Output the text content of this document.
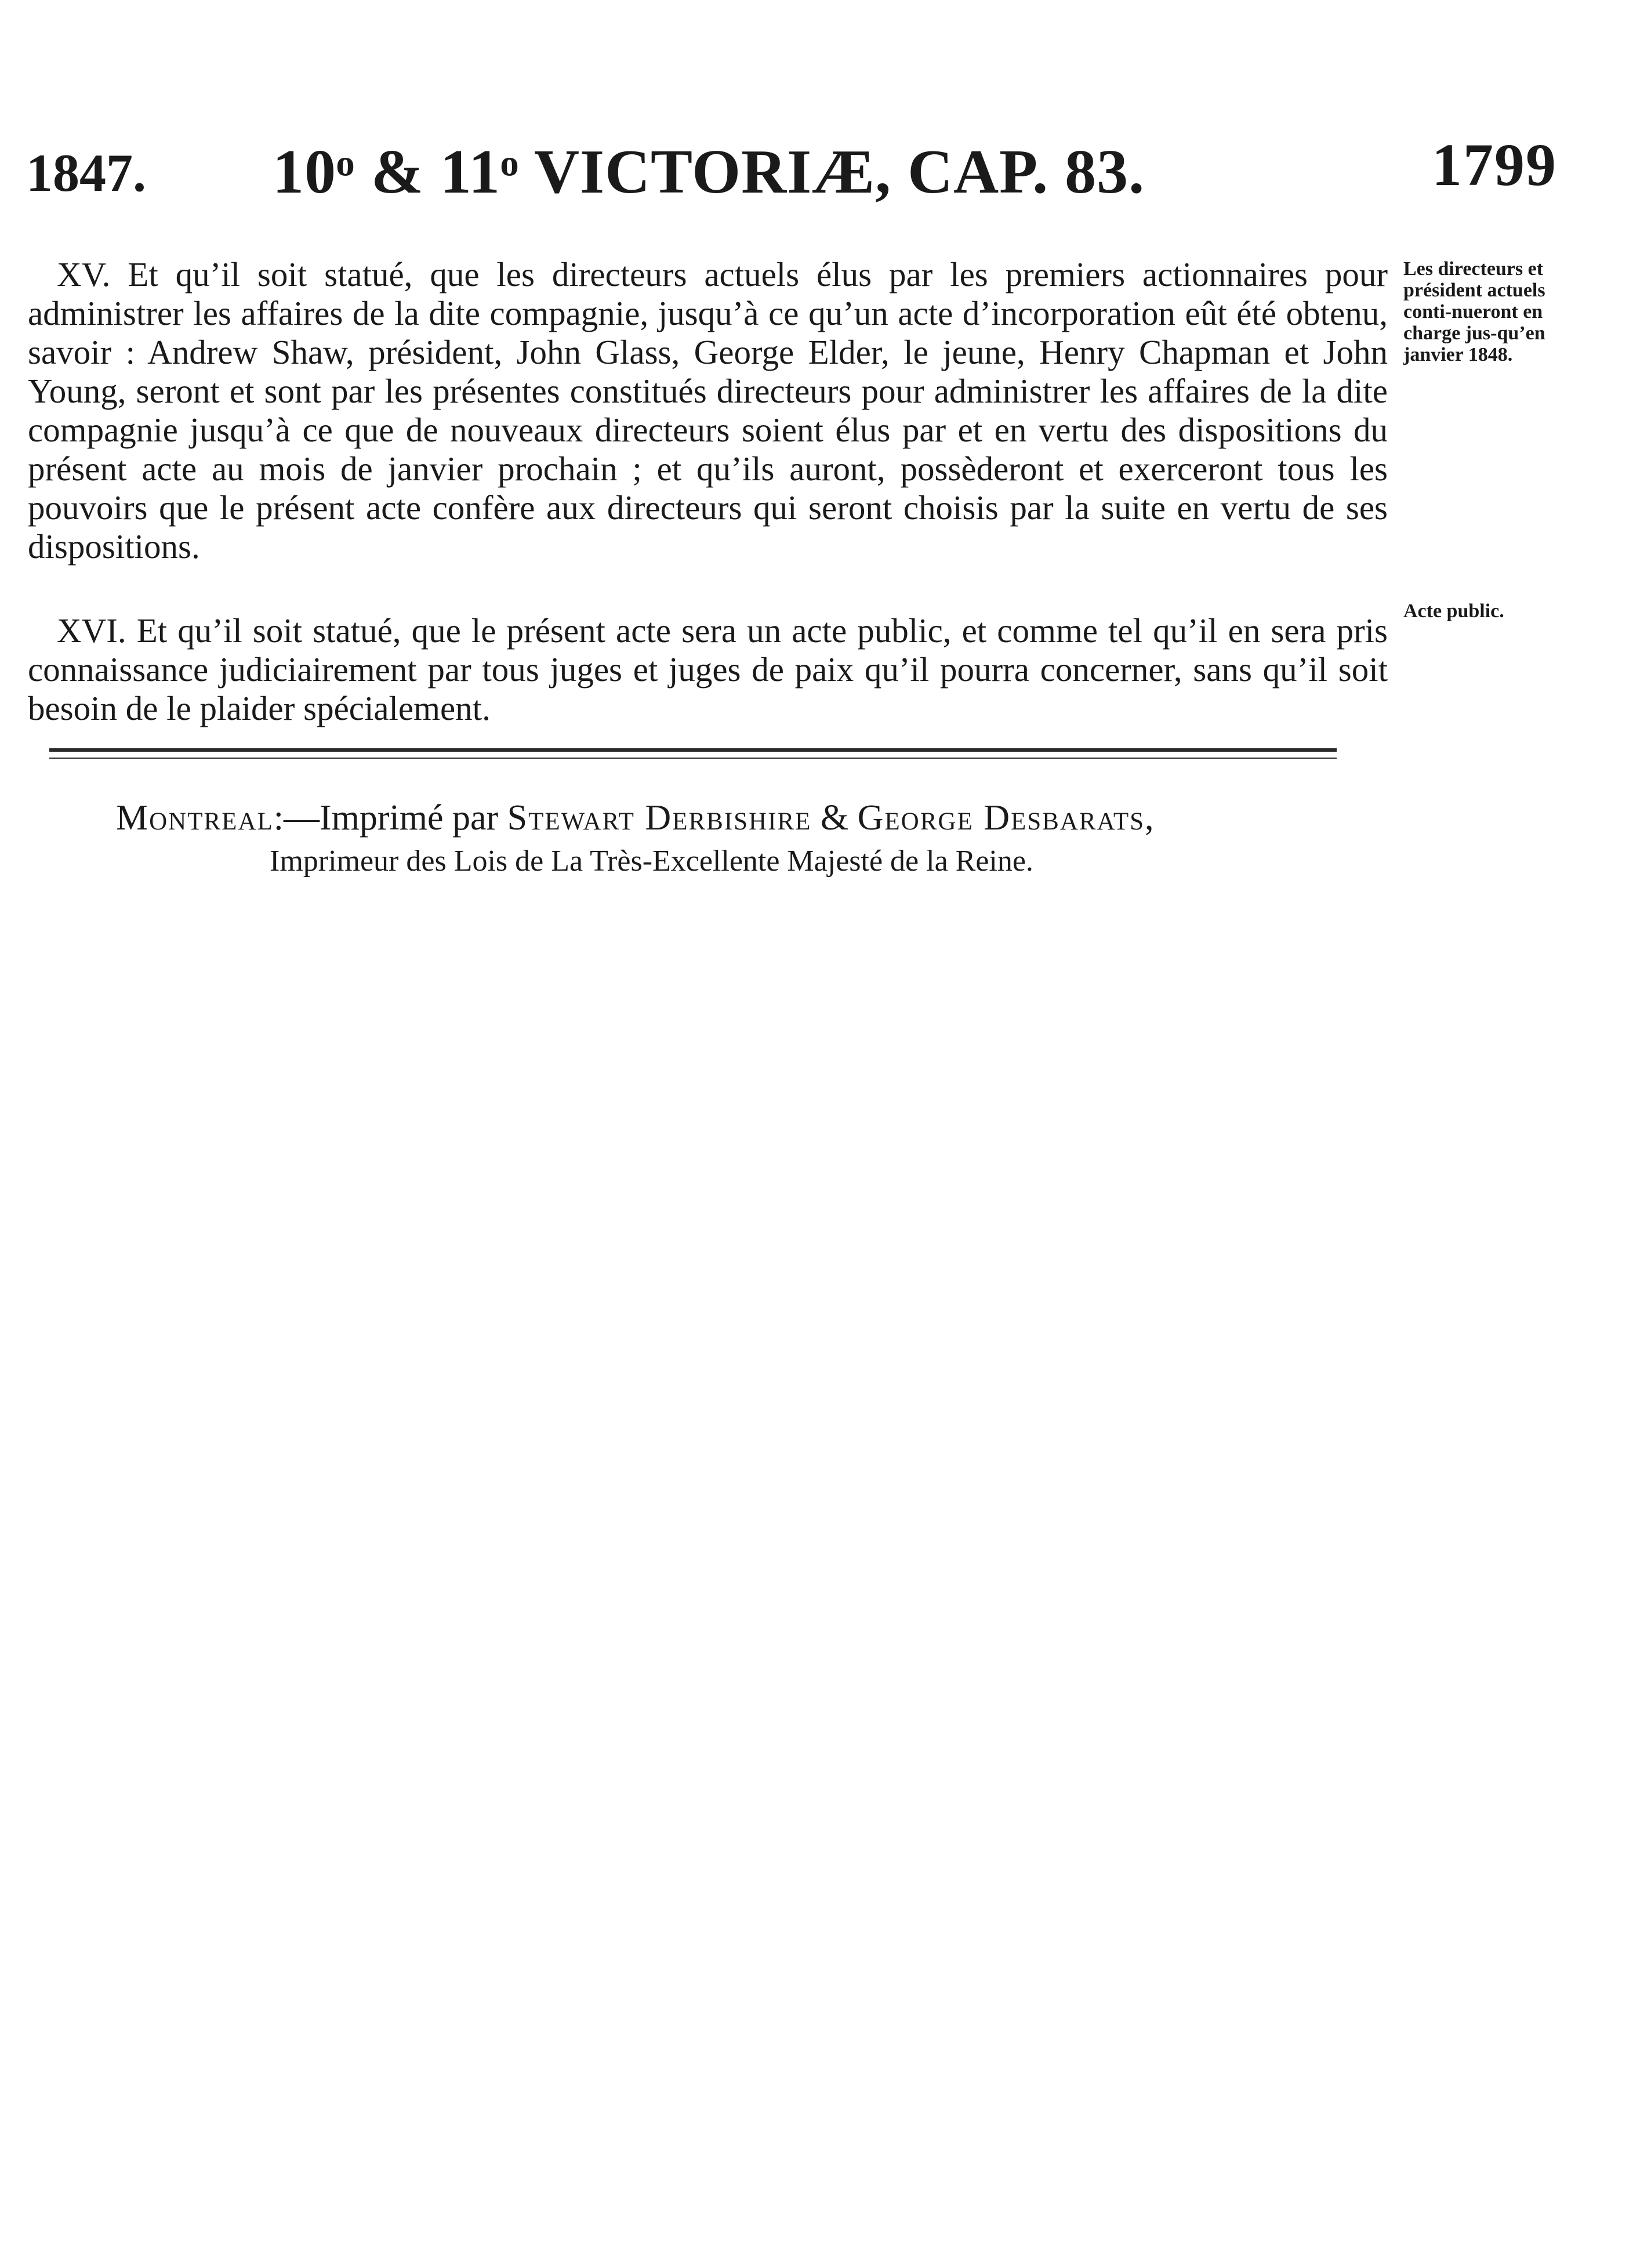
1847. 10ᵒ & 11ᵒ VICTORIÆ, CAP. 83.	1799

XV. Et qu’il soit statué, que les directeurs actuels élus par les premiers actionnaires pour administrer les affaires de la dite compagnie, jusqu’à ce qu’un acte d’incorporation eût été obtenu, savoir : Andrew Shaw, président, John Glass, George Elder, le jeune, Henry Chapman et John Young, seront et sont par les présentes constitués directeurs pour administrer les affaires de la dite compagnie jusqu’à ce que de nouveaux directeurs soient élus par et en vertu des dispositions du présent acte au mois de janvier prochain ; et qu’ils auront, possèderont et exerceront tous les pouvoirs que le présent acte confère aux directeurs qui seront choisis par la suite en vertu de ses dispositions.

XVI. Et qu’il soit statué, que le présent acte sera un acte public, et comme tel qu’il en sera pris connaissance judiciairement par tous juges et juges de paix qu’il pourra concerner, sans qu’il soit besoin de le plaider spécialement.

Les directeurs et président actuels conti-nueront en charge jus-qu’en janvier 1848.
Acte public.
Montreal:—Imprimé par Stewart Derbishire & George Desbarats,
Imprimeur des Lois de La Très-Excellente Majesté de la Reine.
